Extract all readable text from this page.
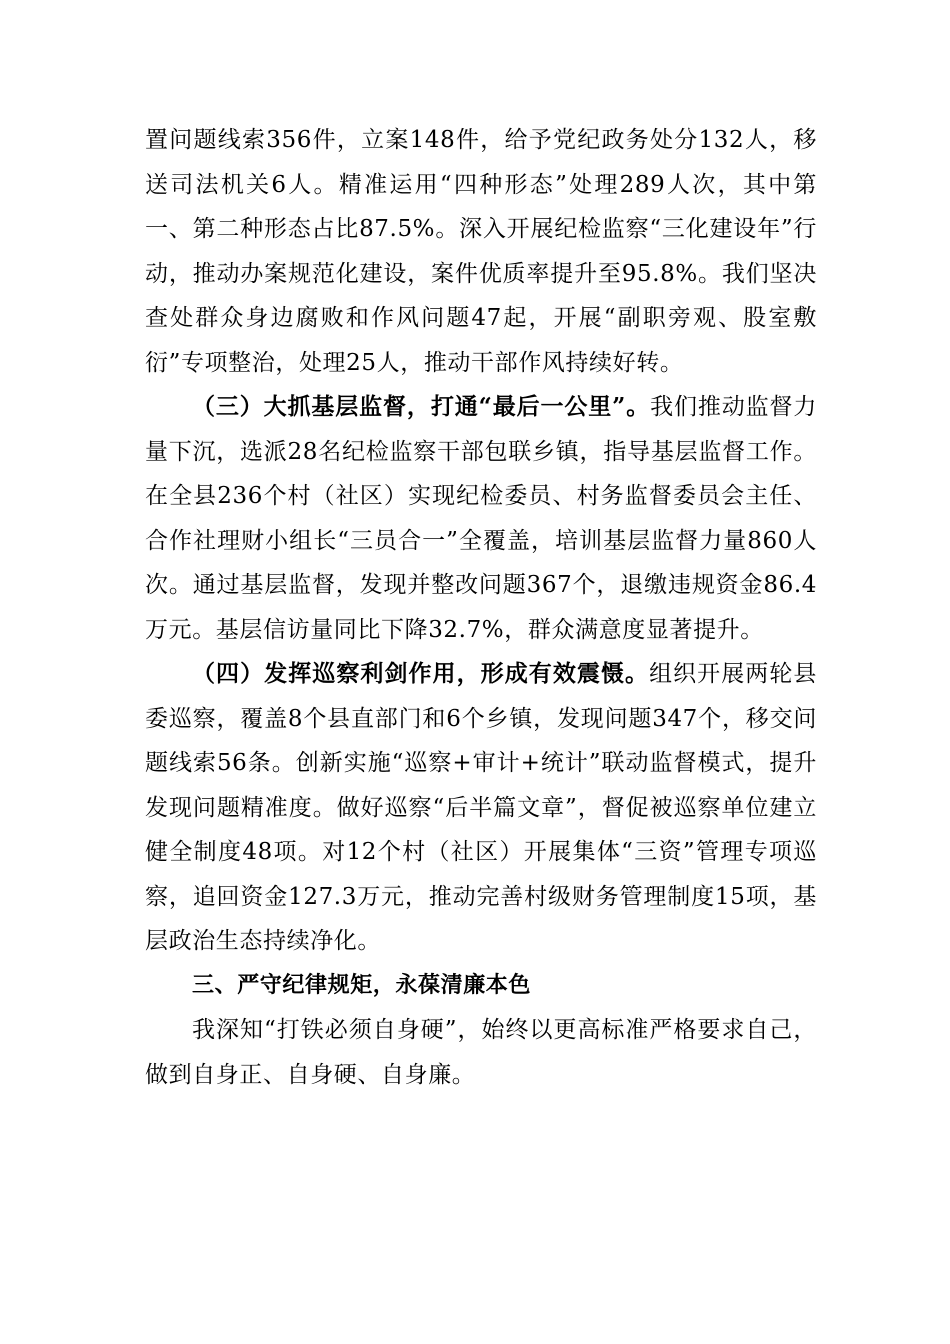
置问题线索356件，立案148件，给予党纪政务处分132人，移送司法机关6人。精准运用“四种形态”处理289人次，其中第一、第二种形态占比87.5%。深入开展纪检监察“三化建设年”行动，推动办案规范化建设，案件优质率提升至95.8%。我们坚决查处群众身边腐败和作风问题47起，开展“副职旁观、股室敷衍”专项整治，处理25人，推动干部作风持续好转。

（三）大抓基层监督，打通“最后一公里”。我们推动监督力量下沉，选派28名纪检监察干部包联乡镇，指导基层监督工作。在全县236个村（社区）实现纪检委员、村务监督委员会主任、合作社理财小组长“三员合一”全覆盖，培训基层监督力量860人次。通过基层监督，发现并整改问题367个，退缴违规资金86.4万元。基层信访量同比下降32.7%，群众满意度显著提升。

（四）发挥巡察利剑作用，形成有效震慑。组织开展两轮县委巡察，覆盖8个县直部门和6个乡镇，发现问题347个，移交问题线索56条。创新实施“巡察+审计+统计”联动监督模式，提升发现问题精准度。做好巡察“后半篇文章”，督促被巡察单位建立健全制度48项。对12个村（社区）开展集体“三资”管理专项巡察，追回资金127.3万元，推动完善村级财务管理制度15项，基层政治生态持续净化。

三、严守纪律规矩，永葆清廉本色

我深知“打铁必须自身硬”，始终以更高标准严格要求自己，做到自身正、自身硬、自身廉。
